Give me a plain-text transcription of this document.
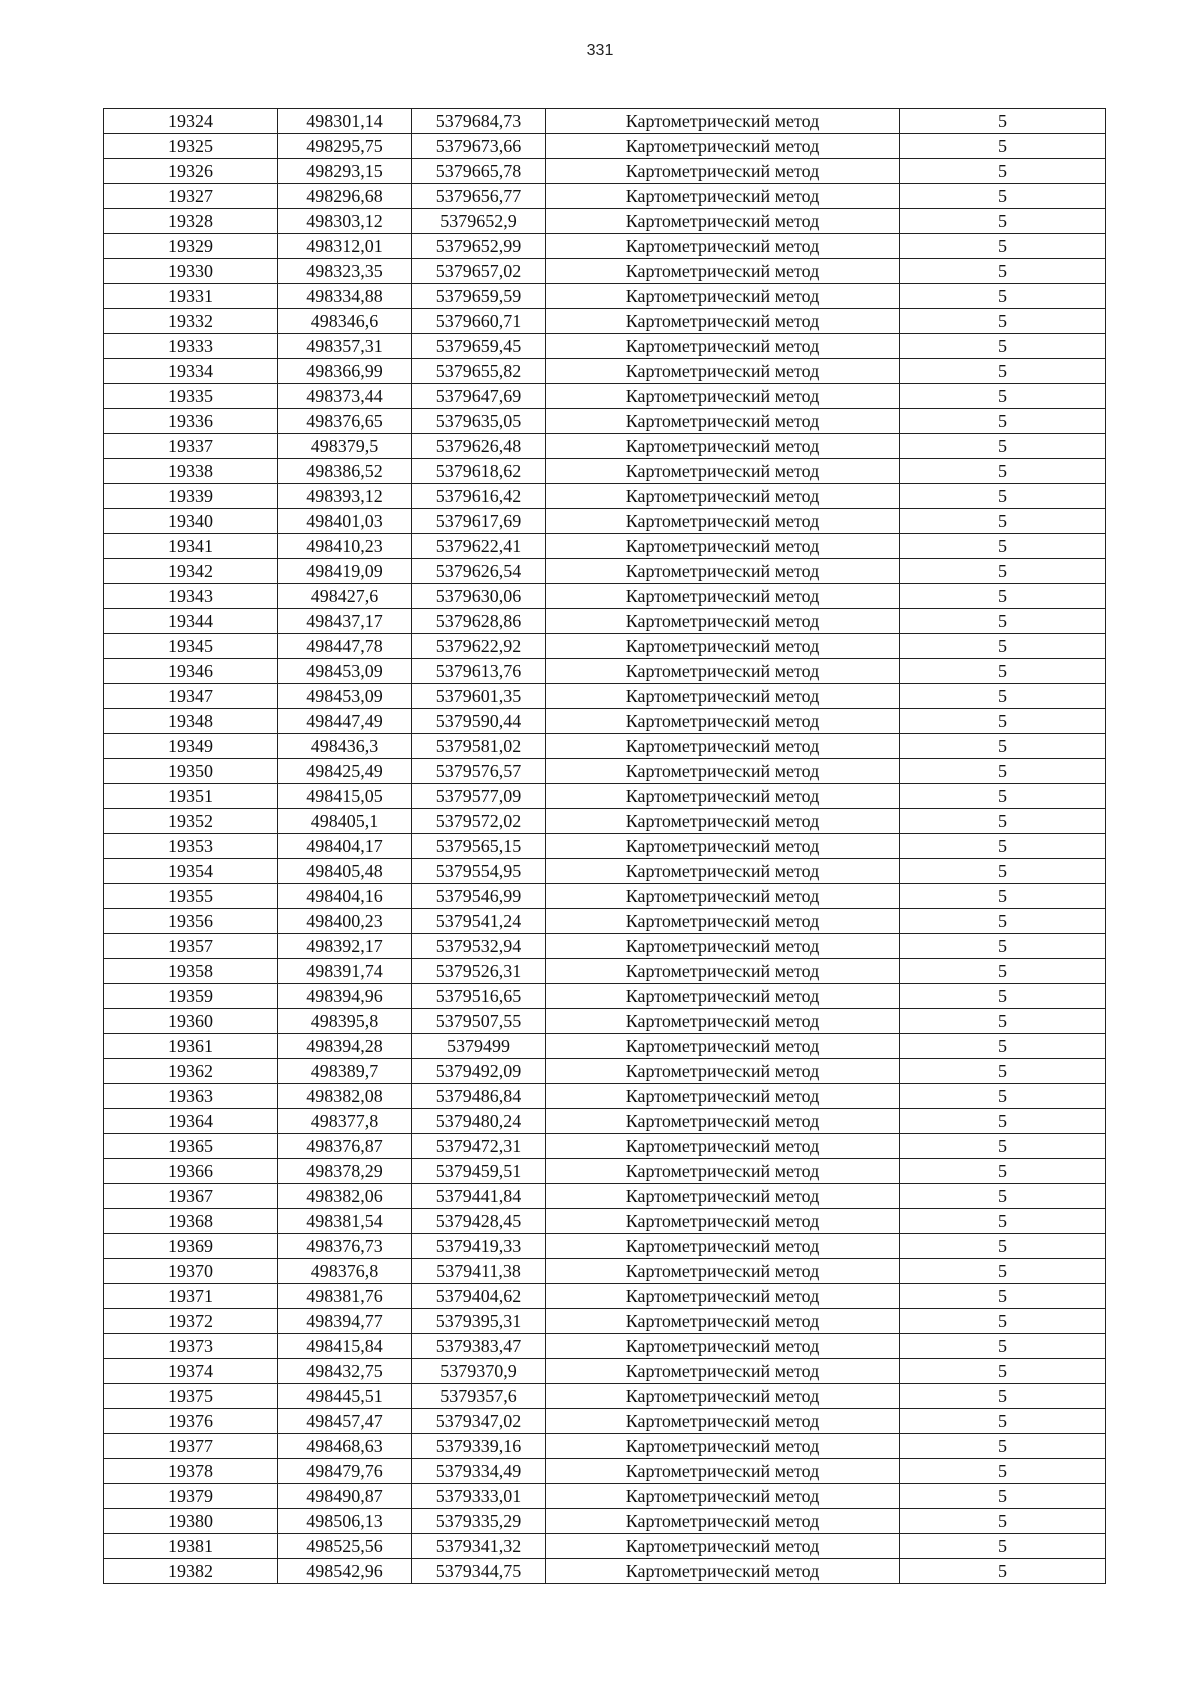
331
19324	498301,14	5379684,73	Картометрический метод	5
19325	498295,75	5379673,66	Картометрический метод	5
19326	498293,15	5379665,78	Картометрический метод	5
19327	498296,68	5379656,77	Картометрический метод	5
19328	498303,12	5379652,9	Картометрический метод	5
19329	498312,01	5379652,99	Картометрический метод	5
19330	498323,35	5379657,02	Картометрический метод	5
19331	498334,88	5379659,59	Картометрический метод	5
19332	498346,6	5379660,71	Картометрический метод	5
19333	498357,31	5379659,45	Картометрический метод	5
19334	498366,99	5379655,82	Картометрический метод	5
19335	498373,44	5379647,69	Картометрический метод	5
19336	498376,65	5379635,05	Картометрический метод	5
19337	498379,5	5379626,48	Картометрический метод	5
19338	498386,52	5379618,62	Картометрический метод	5
19339	498393,12	5379616,42	Картометрический метод	5
19340	498401,03	5379617,69	Картометрический метод	5
19341	498410,23	5379622,41	Картометрический метод	5
19342	498419,09	5379626,54	Картометрический метод	5
19343	498427,6	5379630,06	Картометрический метод	5
19344	498437,17	5379628,86	Картометрический метод	5
19345	498447,78	5379622,92	Картометрический метод	5
19346	498453,09	5379613,76	Картометрический метод	5
19347	498453,09	5379601,35	Картометрический метод	5
19348	498447,49	5379590,44	Картометрический метод	5
19349	498436,3	5379581,02	Картометрический метод	5
19350	498425,49	5379576,57	Картометрический метод	5
19351	498415,05	5379577,09	Картометрический метод	5
19352	498405,1	5379572,02	Картометрический метод	5
19353	498404,17	5379565,15	Картометрический метод	5
19354	498405,48	5379554,95	Картометрический метод	5
19355	498404,16	5379546,99	Картометрический метод	5
19356	498400,23	5379541,24	Картометрический метод	5
19357	498392,17	5379532,94	Картометрический метод	5
19358	498391,74	5379526,31	Картометрический метод	5
19359	498394,96	5379516,65	Картометрический метод	5
19360	498395,8	5379507,55	Картометрический метод	5
19361	498394,28	5379499	Картометрический метод	5
19362	498389,7	5379492,09	Картометрический метод	5
19363	498382,08	5379486,84	Картометрический метод	5
19364	498377,8	5379480,24	Картометрический метод	5
19365	498376,87	5379472,31	Картометрический метод	5
19366	498378,29	5379459,51	Картометрический метод	5
19367	498382,06	5379441,84	Картометрический метод	5
19368	498381,54	5379428,45	Картометрический метод	5
19369	498376,73	5379419,33	Картометрический метод	5
19370	498376,8	5379411,38	Картометрический метод	5
19371	498381,76	5379404,62	Картометрический метод	5
19372	498394,77	5379395,31	Картометрический метод	5
19373	498415,84	5379383,47	Картометрический метод	5
19374	498432,75	5379370,9	Картометрический метод	5
19375	498445,51	5379357,6	Картометрический метод	5
19376	498457,47	5379347,02	Картометрический метод	5
19377	498468,63	5379339,16	Картометрический метод	5
19378	498479,76	5379334,49	Картометрический метод	5
19379	498490,87	5379333,01	Картометрический метод	5
19380	498506,13	5379335,29	Картометрический метод	5
19381	498525,56	5379341,32	Картометрический метод	5
19382	498542,96	5379344,75	Картометрический метод	5
